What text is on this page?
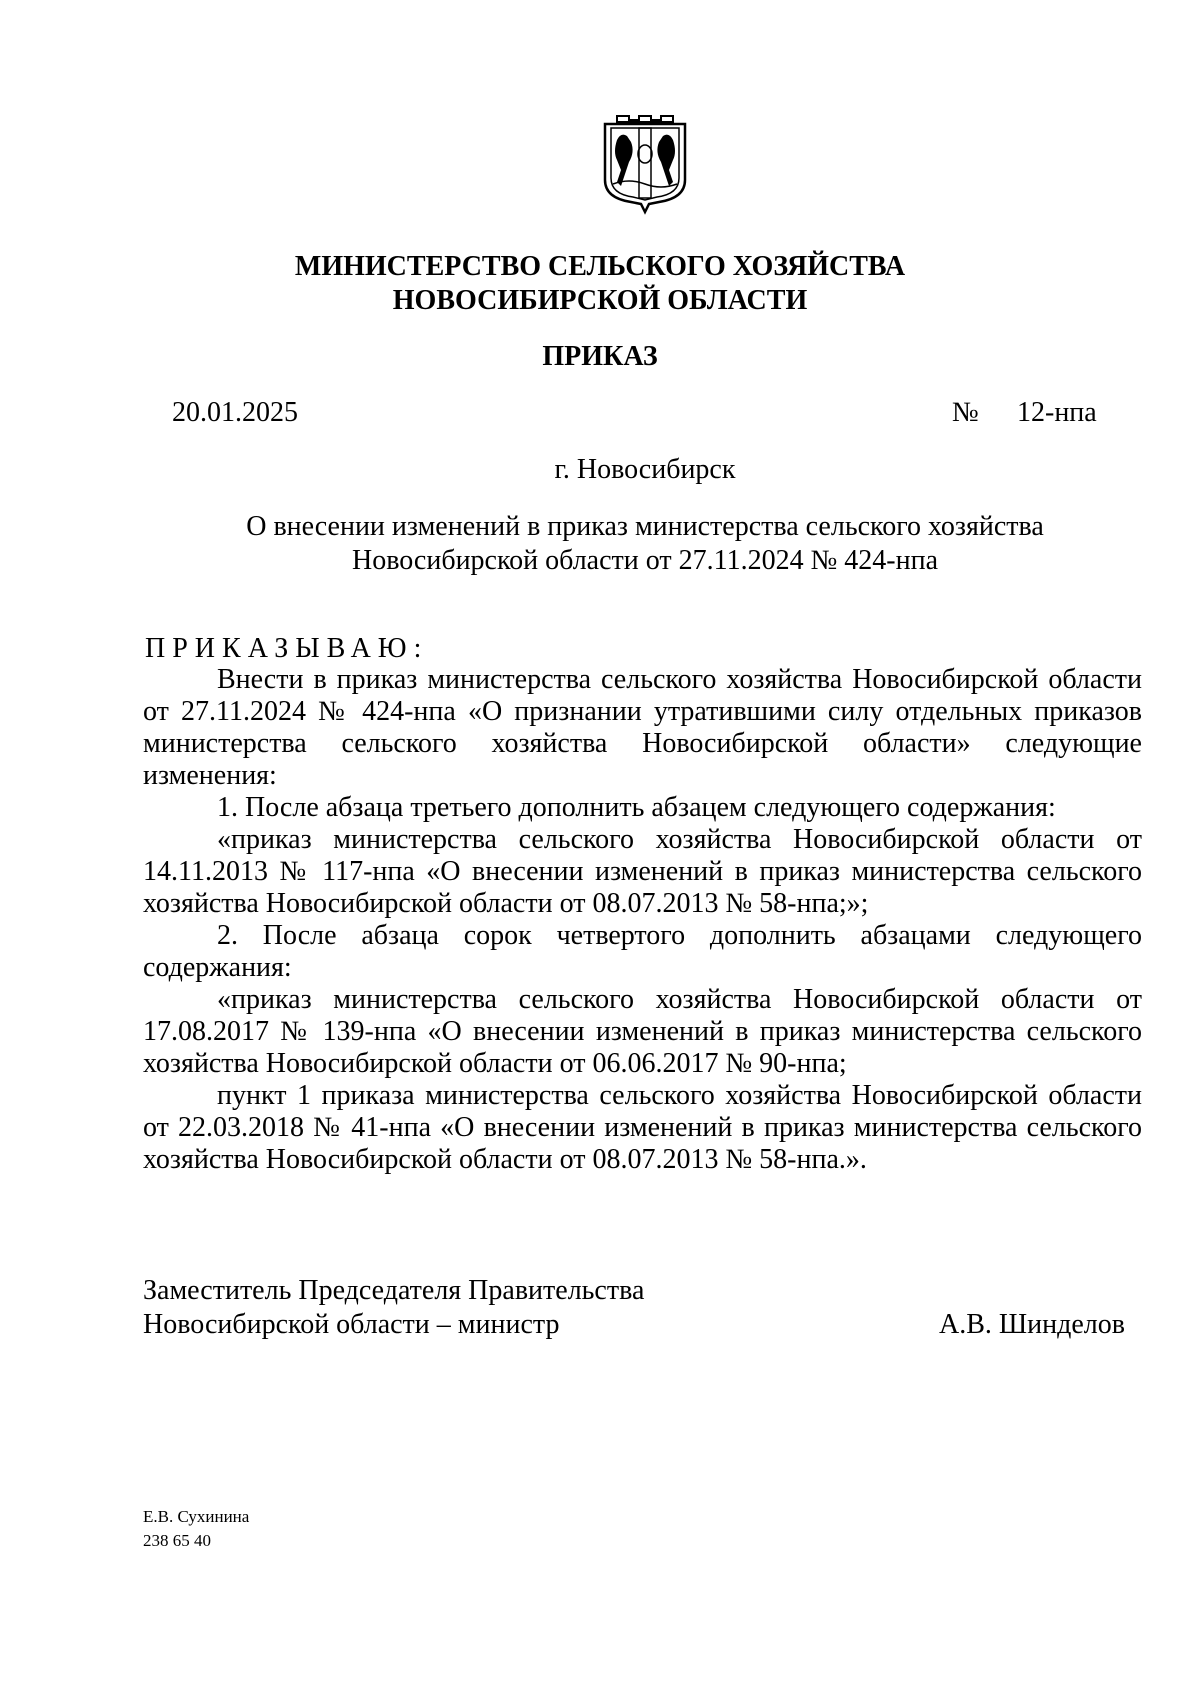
МИНИСТЕРСТВО СЕЛЬСКОГО ХОЗЯЙСТВА
НОВОСИБИРСКОЙ ОБЛАСТИ
ПРИКАЗ
20.01.2025	№ 12-нпа
г. Новосибирск
О внесении изменений в приказ министерства сельского хозяйства
Новосибирской области от 27.11.2024 № 424-нпа
ПРИКАЗЫВАЮ:

Внести в приказ министерства сельского хозяйства Новосибирской области от 27.11.2024 № 424-нпа «О признании утратившими силу отдельных приказов министерства сельского хозяйства Новосибирской области» следующие изменения:

1. После абзаца третьего дополнить абзацем следующего содержания:

«приказ министерства сельского хозяйства Новосибирской области от 14.11.2013 № 117-нпа «О внесении изменений в приказ министерства сельского хозяйства Новосибирской области от 08.07.2013 № 58-нпа;»;

2. После абзаца сорок четвертого дополнить абзацами следующего содержания:

«приказ министерства сельского хозяйства Новосибирской области от 17.08.2017 № 139-нпа «О внесении изменений в приказ министерства сельского хозяйства Новосибирской области от 06.06.2017 № 90-нпа;

пункт 1 приказа министерства сельского хозяйства Новосибирской области от 22.03.2018 № 41-нпа «О внесении изменений в приказ министерства сельского хозяйства Новосибирской области от 08.07.2013 № 58-нпа.».

Заместитель Председателя Правительства
Новосибирской области – министр	А.В. Шинделов
Е.В. Сухинина
238 65 40
